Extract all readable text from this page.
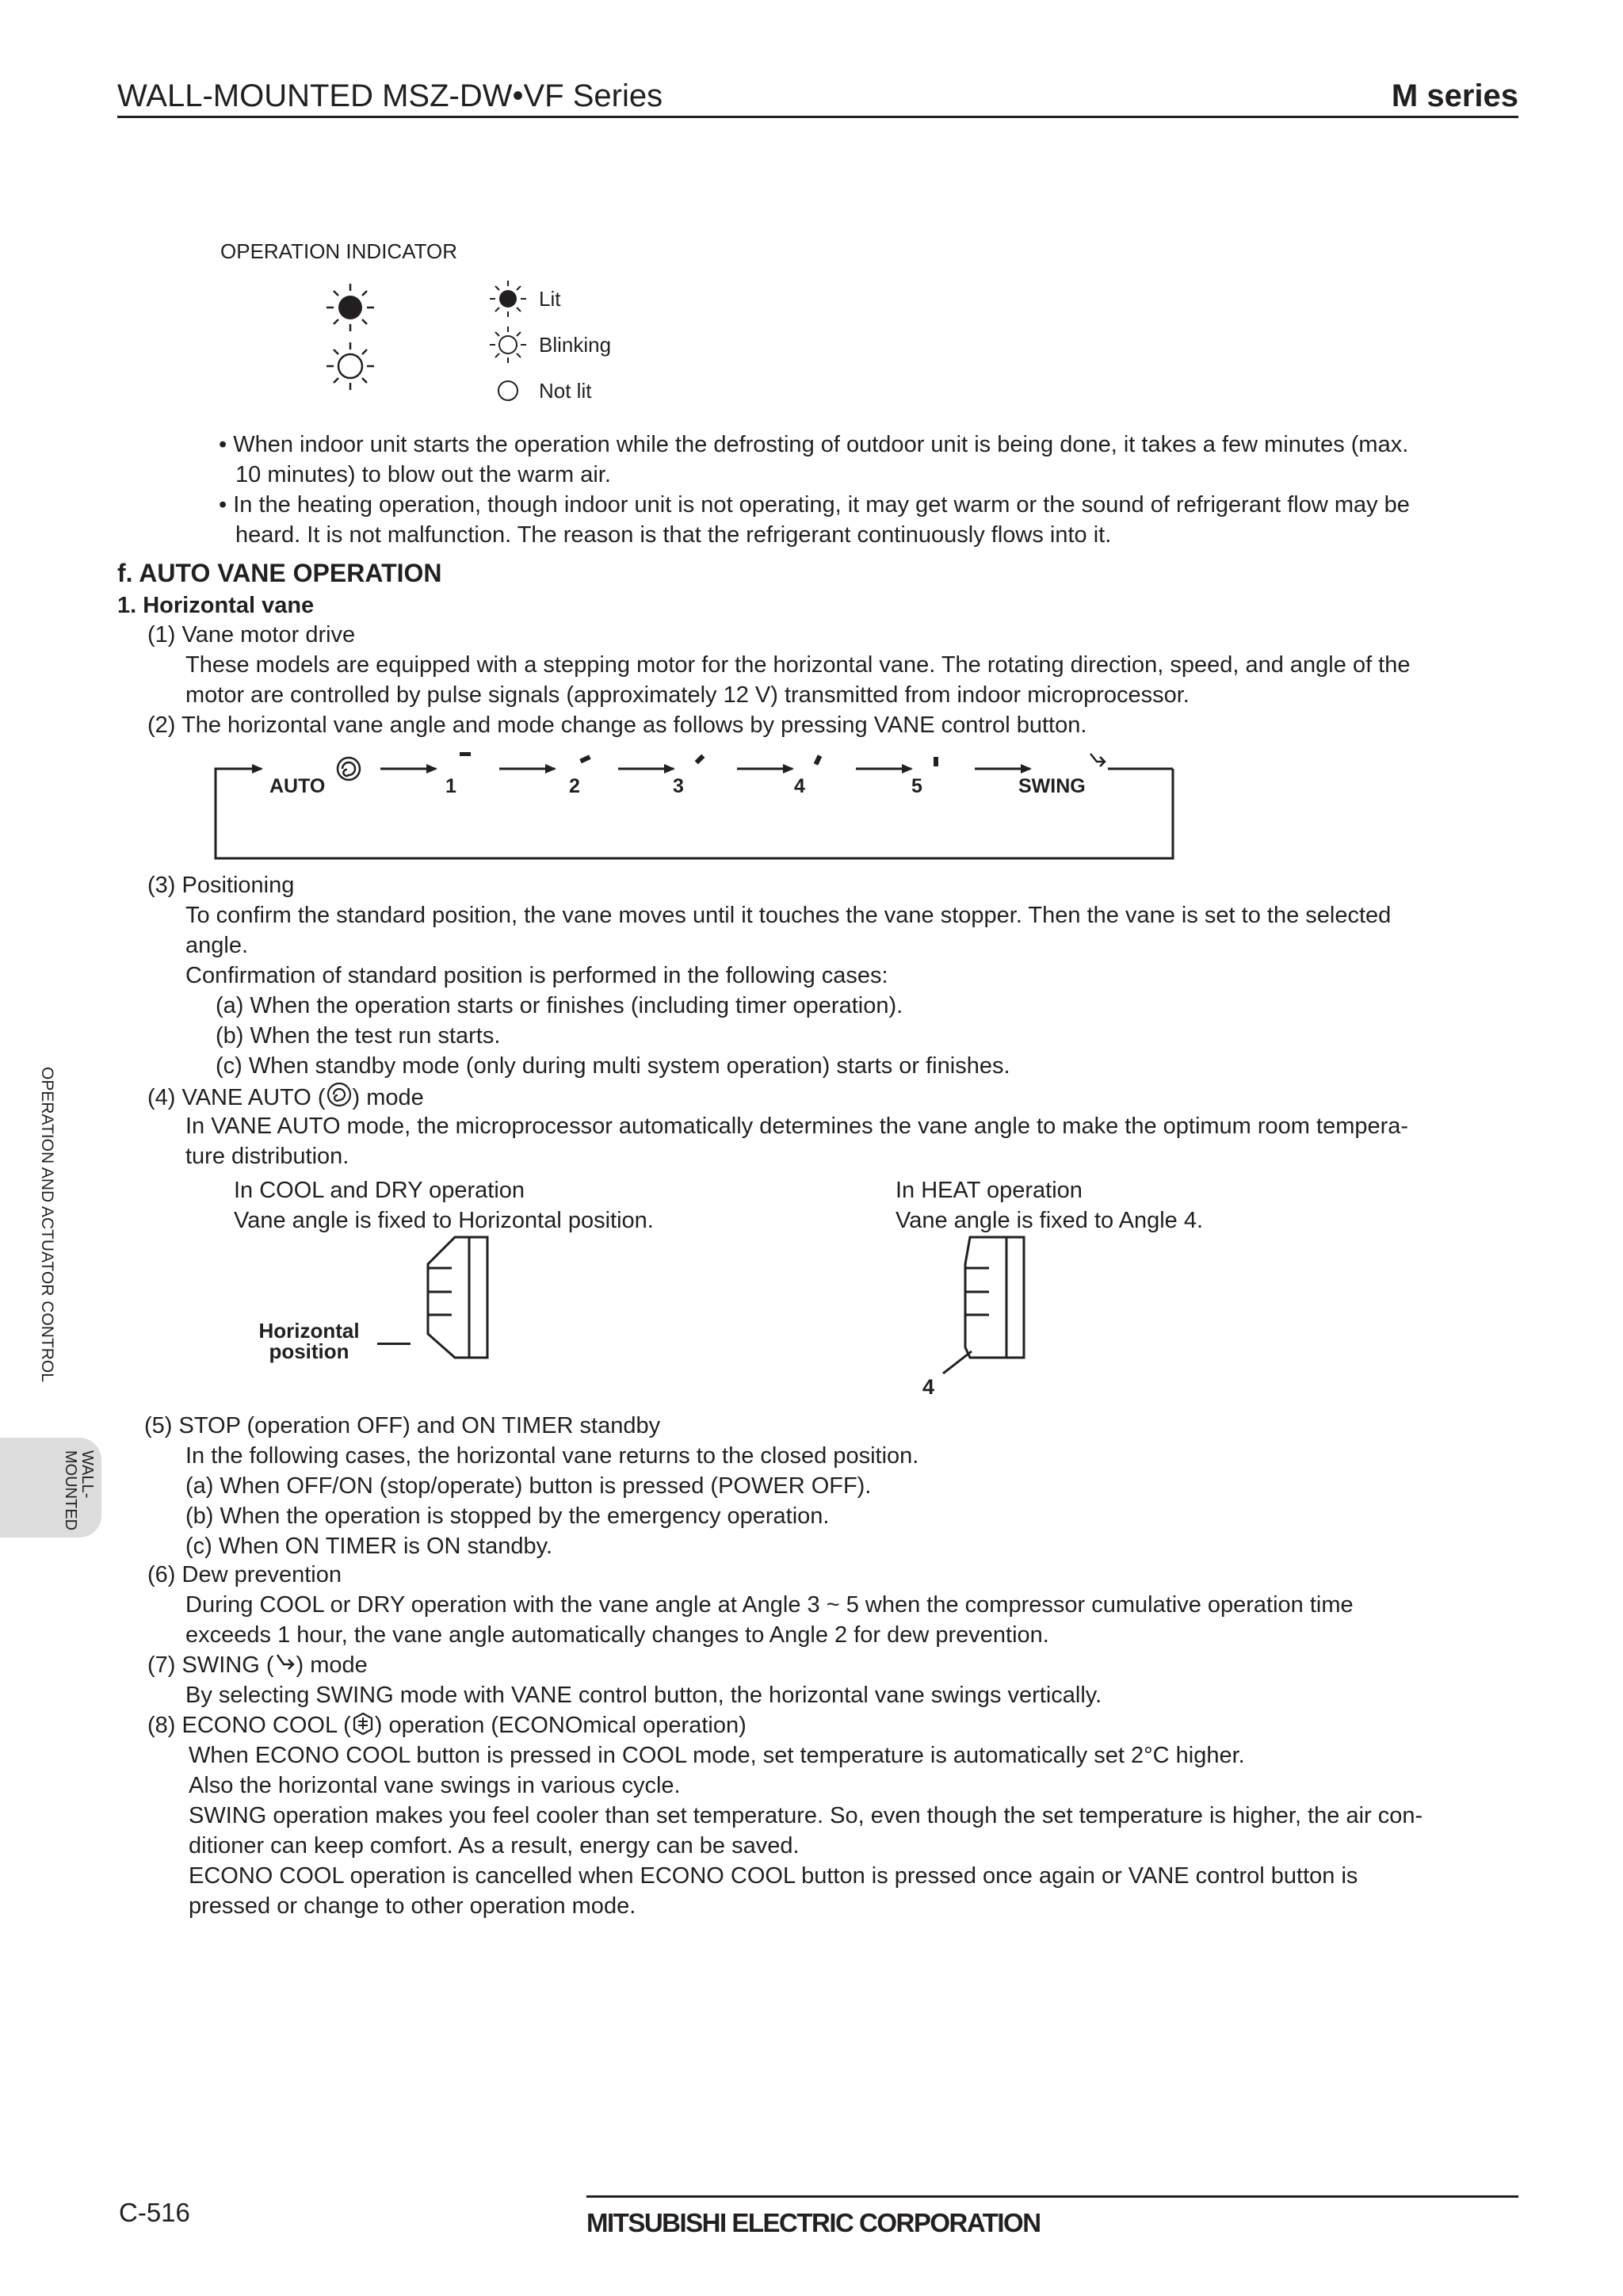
WALL-MOUNTED MSZ-DW•VF Series	M series
OPERATION AND ACTUATOR CONTROL
WALL-
MOUNTED
OPERATION INDICATOR
Lit
Blinking
Not lit
• When indoor unit starts the operation while the defrosting of outdoor unit is being done, it takes a few minutes (max.
10 minutes) to blow out the warm air.
• In the heating operation, though indoor unit is not operating, it may get warm or the sound of refrigerant flow may be
heard. It is not malfunction. The reason is that the refrigerant continuously flows into it.
f. AUTO VANE OPERATION
1. Horizontal vane
(1) Vane motor drive
These models are equipped with a stepping motor for the horizontal vane. The rotating direction, speed, and angle of the
motor are controlled by pulse signals (approximately 12 V) transmitted from indoor microprocessor.
(2) The horizontal vane angle and mode change as follows by pressing VANE control button.
AUTO	1	2	3	4	5	SWING
(3) Positioning
To confirm the standard position, the vane moves until it touches the vane stopper. Then the vane is set to the selected
angle.
Confirmation of standard position is performed in the following cases:
(a) When the operation starts or finishes (including timer operation).
(b) When the test run starts.
(c) When standby mode (only during multi system operation) starts or finishes.
(4) VANE AUTO ( ) mode
In VANE AUTO mode, the microprocessor automatically determines the vane angle to make the optimum room tempera-
ture distribution.
In COOL and DRY operation
Vane angle is fixed to Horizontal position.
In HEAT operation
Vane angle is fixed to Angle 4.
Horizontal
position
4
(5) STOP (operation OFF) and ON TIMER standby
In the following cases, the horizontal vane returns to the closed position.
(a) When OFF/ON (stop/operate) button is pressed (POWER OFF).
(b) When the operation is stopped by the emergency operation.
(c) When ON TIMER is ON standby.
(6) Dew prevention
During COOL or DRY operation with the vane angle at Angle 3 ~ 5 when the compressor cumulative operation time
exceeds 1 hour, the vane angle automatically changes to Angle 2 for dew prevention.
(7) SWING ( ) mode
By selecting SWING mode with VANE control button, the horizontal vane swings vertically.
(8) ECONO COOL ( ) operation (ECONOmical operation)
When ECONO COOL button is pressed in COOL mode, set temperature is automatically set 2°C higher.
Also the horizontal vane swings in various cycle.
SWING operation makes you feel cooler than set temperature. So, even though the set temperature is higher, the air con-
ditioner can keep comfort. As a result, energy can be saved.
ECONO COOL operation is cancelled when ECONO COOL button is pressed once again or VANE control button is
pressed or change to other operation mode.
C-516	MITSUBISHI ELECTRIC CORPORATION
